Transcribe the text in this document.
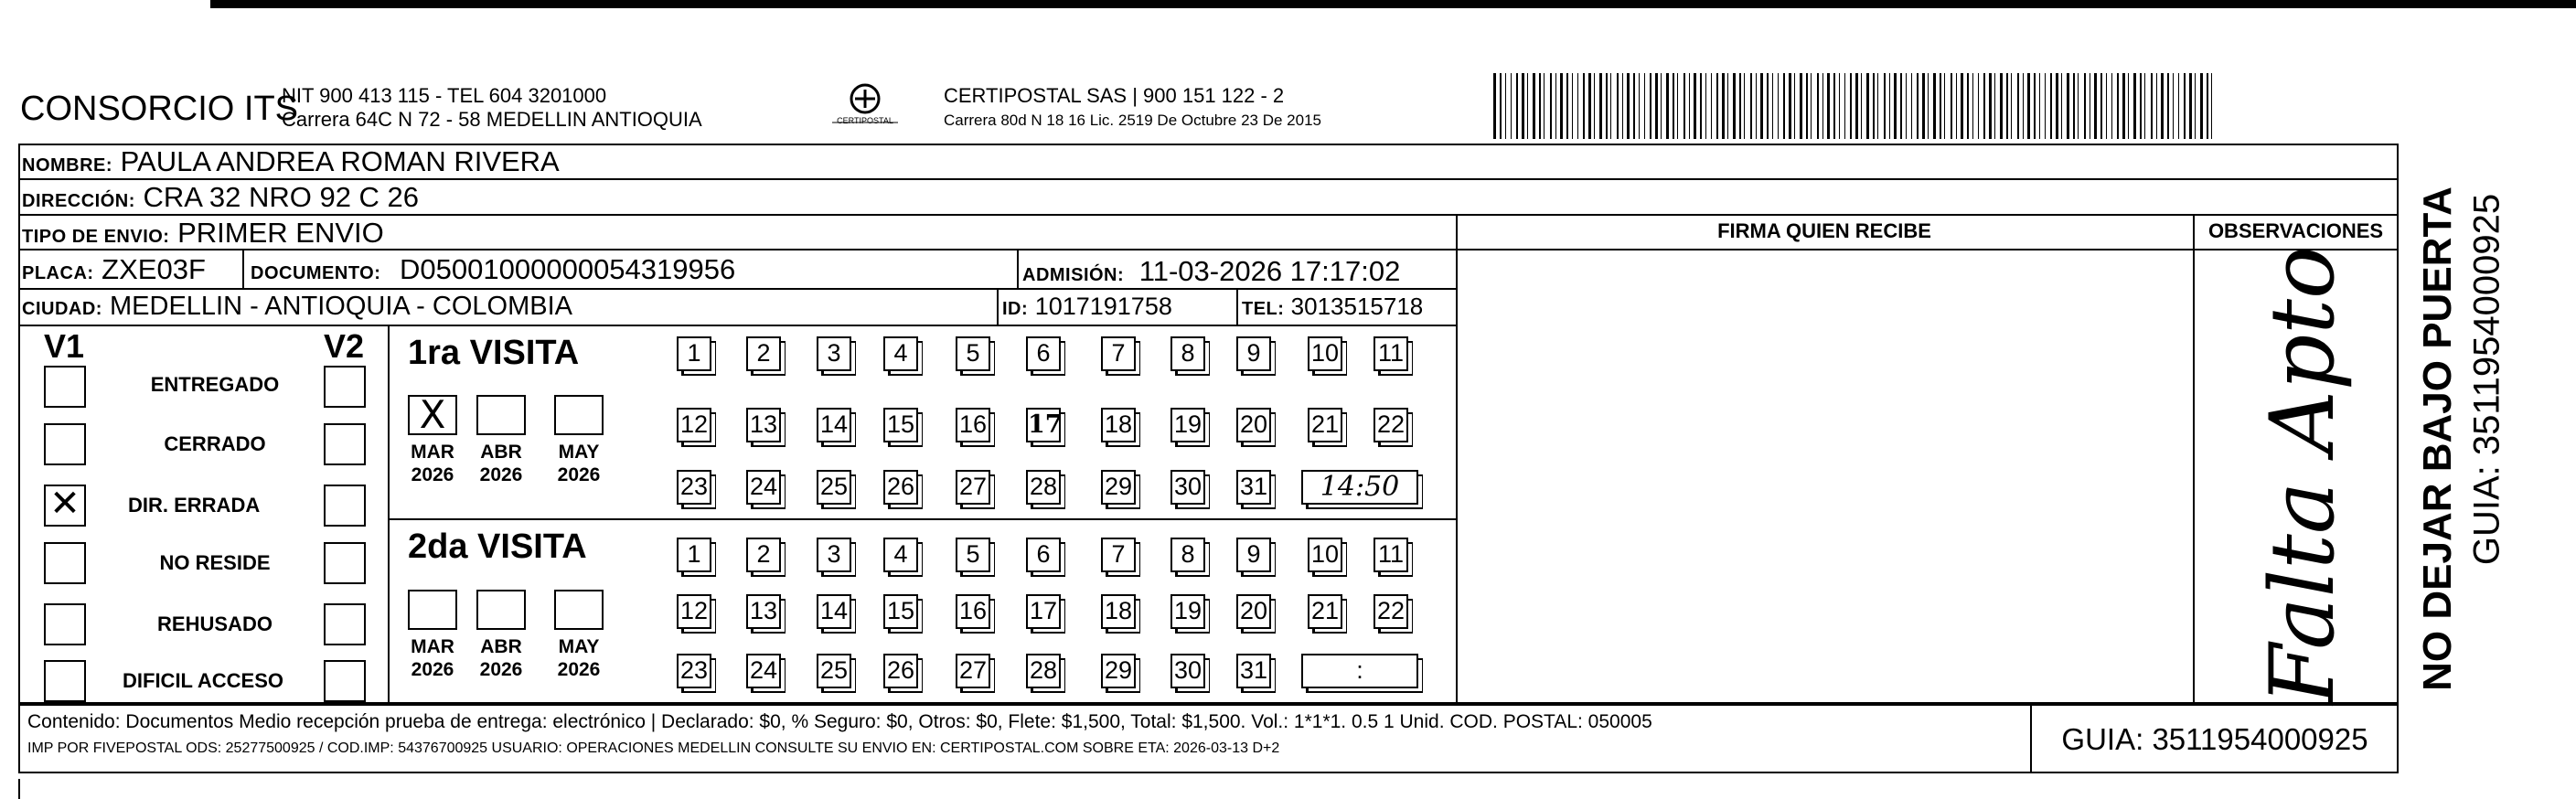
CONSORCIO ITS
NIT 900 413 115 - TEL 604 3201000
Carrera 64C N 72 - 58 MEDELLIN ANTIOQUIA	CERTIPOSTAL
CERTIPOSTAL SAS | 900 151 122 - 2
Carrera 80d N 18 16 Lic. 2519 De Octubre 23 De 2015
NOMBRE: PAULA ANDREA ROMAN RIVERA
DIRECCIÓN: CRA 32 NRO 92 C 26
TIPO DE ENVIO: PRIMER ENVIO
PLACA: ZXE03F DOCUMENTO: D05001000000054319956	ADMISIÓN: 11-03-2026 17:17:02
CIUDAD: MEDELLIN - ANTIOQUIA - COLOMBIA	ID: 1017191758	TEL: 3013515718
V1	V2
ENTREGADO
CERRADO
✕ DIR. ERRADA
NO RESIDE
REHUSADO
DIFICIL ACCESO
1ra VISITA
2da VISITA
X
MAR
2026
ABR
2026
MAY
2026
MAR
2026
ABR
2026
MAY
2026
1	2	3	4	5	6	7	8	9	10 11
12 13 14 15 16 17 18 19 20 21 22
23 24 25 26 27 28 29 30 31	14:50
1	2	3	4	5	6	7	8	9	10 11
12 13 14 15 16 17 18 19 20 21 22
23 24 25 26 27 28 29 30 31	:
FIRMA QUIEN RECIBE	OBSERVACIONES
Falta Apto NO DEJAR BAJO PUERTA GUIA: 3511954000925
Contenido: Documentos Medio recepción prueba de entrega: electrónico | Declarado: $0, % Seguro: $0, Otros: $0, Flete: $1,500, Total: $1,500. Vol.: 1*1*1. 0.5 1 Unid. COD. POSTAL: 050005
IMP POR FIVEPOSTAL ODS: 25277500925 / COD.IMP: 54376700925 USUARIO: OPERACIONES MEDELLIN CONSULTE SU ENVIO EN: CERTIPOSTAL.COM SOBRE ETA: 2026-03-13 D+2	GUIA: 3511954000925
